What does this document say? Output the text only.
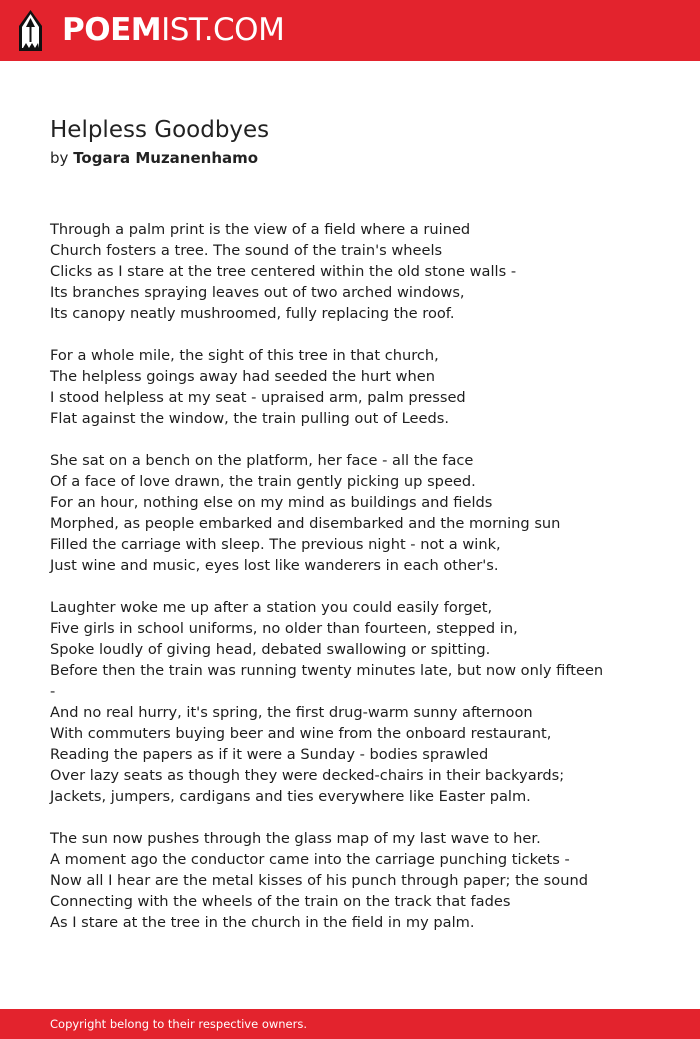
POEMIST.COM
Helpless Goodbyes
by Togara Muzanenhamo
Through a palm print is the view of a field where a ruined
Church fosters a tree. The sound of the train's wheels
Clicks as I stare at the tree centered within the old stone walls -
Its branches spraying leaves out of two arched windows,
Its canopy neatly mushroomed, fully replacing the roof.
For a whole mile, the sight of this tree in that church,
The helpless goings away had seeded the hurt when
I stood helpless at my seat - upraised arm, palm pressed
Flat against the window, the train pulling out of Leeds.
She sat on a bench on the platform, her face - all the face
Of a face of love drawn, the train gently picking up speed.
For an hour, nothing else on my mind as buildings and fields
Morphed, as people embarked and disembarked and the morning sun
Filled the carriage with sleep. The previous night - not a wink,
Just wine and music, eyes lost like wanderers in each other's.
Laughter woke me up after a station you could easily forget,
Five girls in school uniforms, no older than fourteen, stepped in,
Spoke loudly of giving head, debated swallowing or spitting.
Before then the train was running twenty minutes late, but now only fifteen
-
And no real hurry, it's spring, the first drug-warm sunny afternoon
With commuters buying beer and wine from the onboard restaurant,
Reading the papers as if it were a Sunday - bodies sprawled
Over lazy seats as though they were decked-chairs in their backyards;
Jackets, jumpers, cardigans and ties everywhere like Easter palm.
The sun now pushes through the glass map of my last wave to her.
A moment ago the conductor came into the carriage punching tickets -
Now all I hear are the metal kisses of his punch through paper; the sound
Connecting with the wheels of the train on the track that fades
As I stare at the tree in the church in the field in my palm.
Copyright belong to their respective owners.
